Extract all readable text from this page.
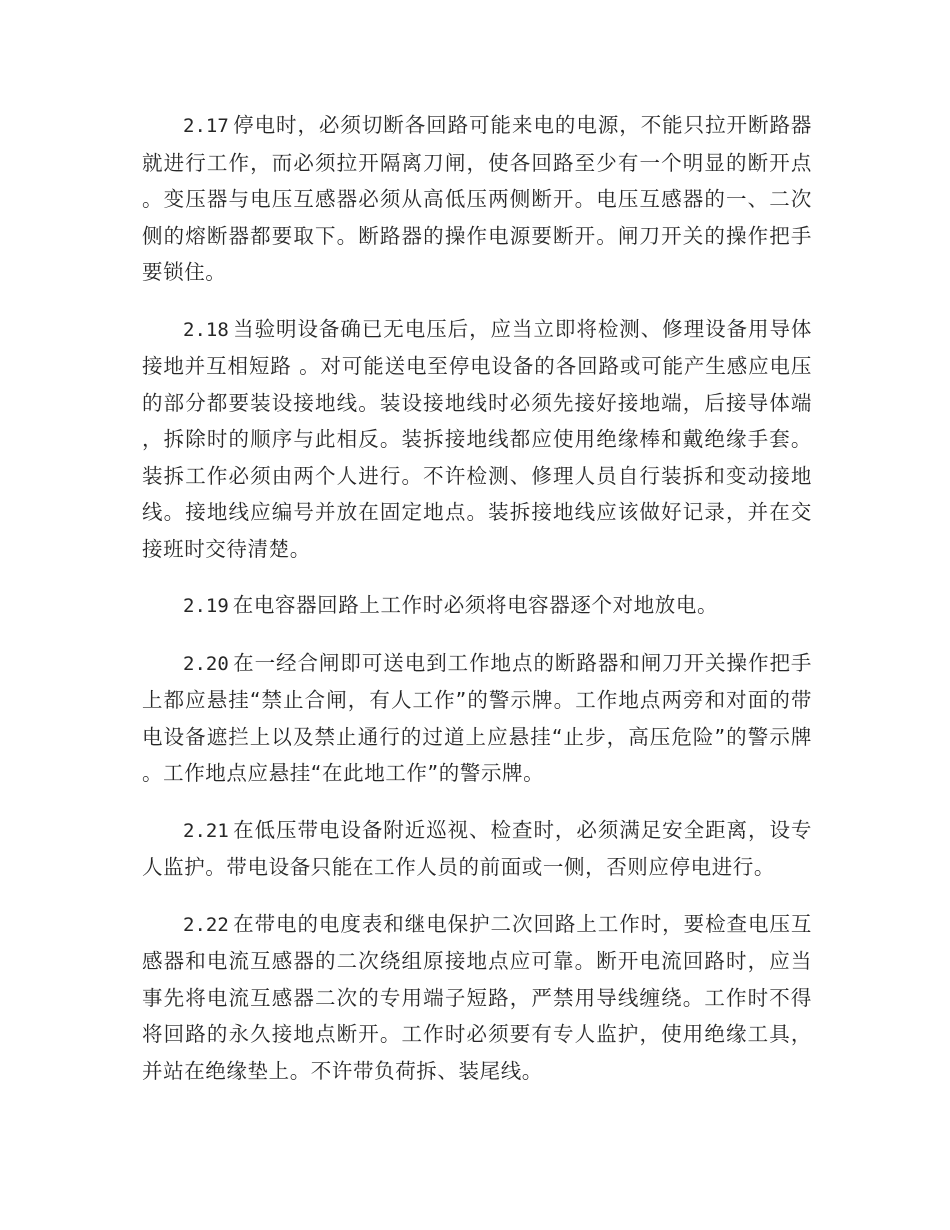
2.17 停电时，必须切断各回路可能来电的电源，不能只拉开断路器就进行工作，而必须拉开隔离刀闸，使各回路至少有一个明显的断开点。变压器与电压互感器必须从高低压两侧断开。电压互感器的一、二次侧的熔断器都要取下。断路器的操作电源要断开。闸刀开关的操作把手要锁住。

2.18 当验明设备确已无电压后，应当立即将检测、修理设备用导体接地并互相短路 。对可能送电至停电设备的各回路或可能产生感应电压的部分都要装设接地线。装设接地线时必须先接好接地端，后接导体端，拆除时的顺序与此相反。装拆接地线都应使用绝缘棒和戴绝缘手套。装拆工作必须由两个人进行。不许检测、修理人员自行装拆和变动接地线。接地线应编号并放在固定地点。装拆接地线应该做好记录，并在交接班时交待清楚。

2.19 在电容器回路上工作时必须将电容器逐个对地放电。

2.20 在一经合闸即可送电到工作地点的断路器和闸刀开关操作把手上都应悬挂“禁止合闸，有人工作”的警示牌。工作地点两旁和对面的带电设备遮拦上以及禁止通行的过道上应悬挂“止步，高压危险”的警示牌。工作地点应悬挂“在此地工作”的警示牌。

2.21 在低压带电设备附近巡视、检查时，必须满足安全距离，设专人监护。带电设备只能在工作人员的前面或一侧，否则应停电进行。

2.22 在带电的电度表和继电保护二次回路上工作时，要检查电压互感器和电流互感器的二次绕组原接地点应可靠。断开电流回路时，应当事先将电流互感器二次的专用端子短路，严禁用导线缠绕。工作时不得将回路的永久接地点断开。工作时必须要有专人监护，使用绝缘工具，并站在绝缘垫上。不许带负荷拆、装尾线。
